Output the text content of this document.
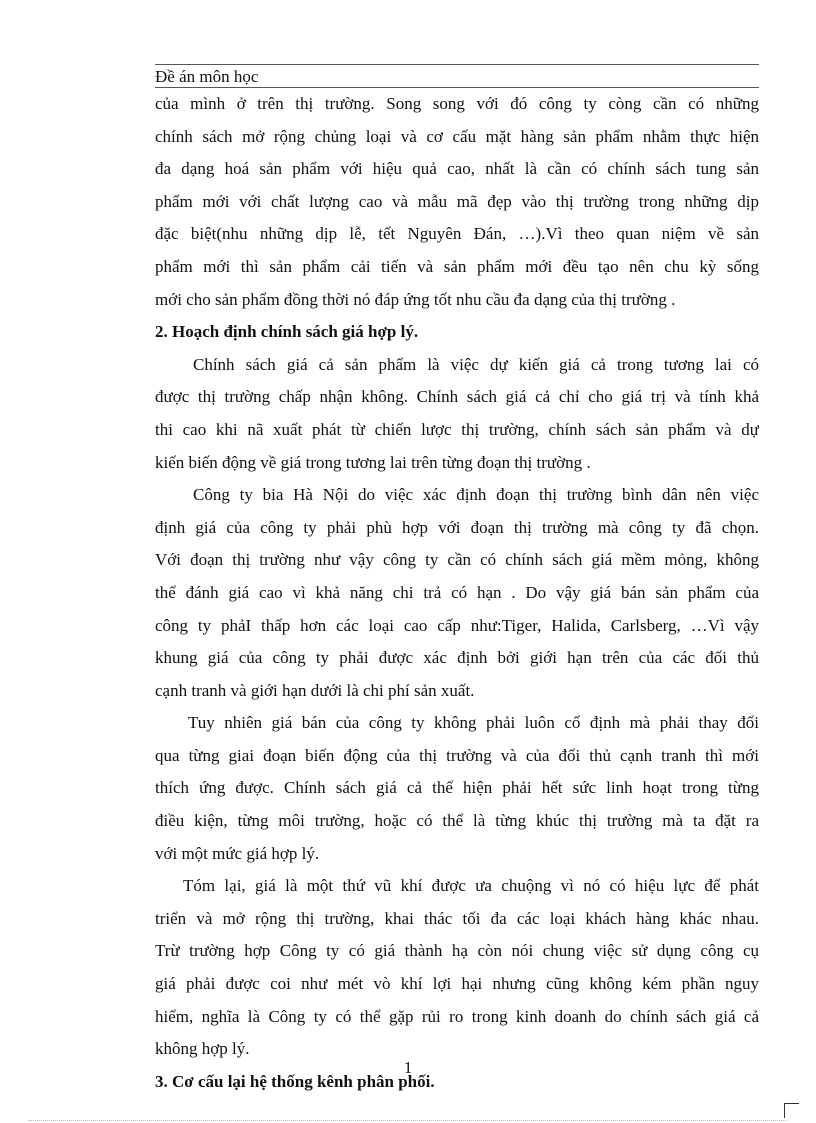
Đề án môn học
của mình ở trên thị trường. Song song với đó công ty còng cần có những
chính sách mở rộng chủng loại và cơ cấu mặt hàng sản phẩm nhằm thực hiện
đa dạng hoá sản phẩm với hiệu quả cao, nhất là cần có chính sách tung sản
phẩm mới với chất lượng cao và mẫu mã đẹp vào thị trường trong những dịp
đặc biệt(nhu những dịp lễ, tết Nguyên Đán, …).Vì theo quan niệm về sản
phẩm mới thì sản phẩm cải tiến và sản phẩm mới đều tạo nên chu kỳ sống
mới cho sản phẩm đồng thời nó đáp ứng tốt nhu cầu đa dạng của thị trường .
2. Hoạch định chính sách giá hợp lý.
Chính sách giá cả sản phẩm là việc dự kiến giá cả trong tương lai có
được thị trường chấp nhận không. Chính sách giá cả chỉ cho giá trị và tính khả
thi cao khi nã xuất phát từ chiến lược thị trường, chính sách sản phẩm và dự
kiến biến động về giá trong tương lai trên từng đoạn thị trường .
Công ty bia Hà Nội do việc xác định đoạn thị trường bình dân nên việc
định giá của công ty phải phù hợp với đoạn thị trường mà công ty đã chọn.
Với đoạn thị trường như vậy công ty cần có chính sách giá mềm mỏng, không
thể đánh giá cao vì khả năng chi trả có hạn . Do vậy giá bán sản phẩm của
công ty phảI thấp hơn các loại cao cấp như:Tiger, Halida, Carlsberg, …Vì vậy
khung giá của công ty phải được xác định bởi giới hạn trên của các đối thủ
cạnh tranh và giới hạn dưới là chi phí sản xuất.
Tuy nhiên giá bán của công ty không phải luôn cố định mà phải thay đổi
qua từng giai đoạn biến động của thị trường và của đối thủ cạnh tranh thì mới
thích ứng được. Chính sách giá cả thể hiện phải hết sức linh hoạt trong từng
điều kiện, từng môi trường, hoặc có thể là từng khúc thị trường mà ta đặt ra
với một mức giá hợp lý.
Tóm lại, giá là một thứ vũ khí được ưa chuộng vì nó có hiệu lực để phát
triển và mở rộng thị trường, khai thác tối đa các loại khách hàng khác nhau.
Trừ trường hợp Công ty có giá thành hạ còn nói chung việc sử dụng công cụ
giá phải được coi như mét vò khí lợi hại nhưng cũng không kém phần nguy
hiểm, nghĩa là Công ty có thể gặp rủi ro trong kinh doanh do chính sách giá cả
không hợp lý.
3. Cơ cấu lại hệ thống kênh phân phối.
1
